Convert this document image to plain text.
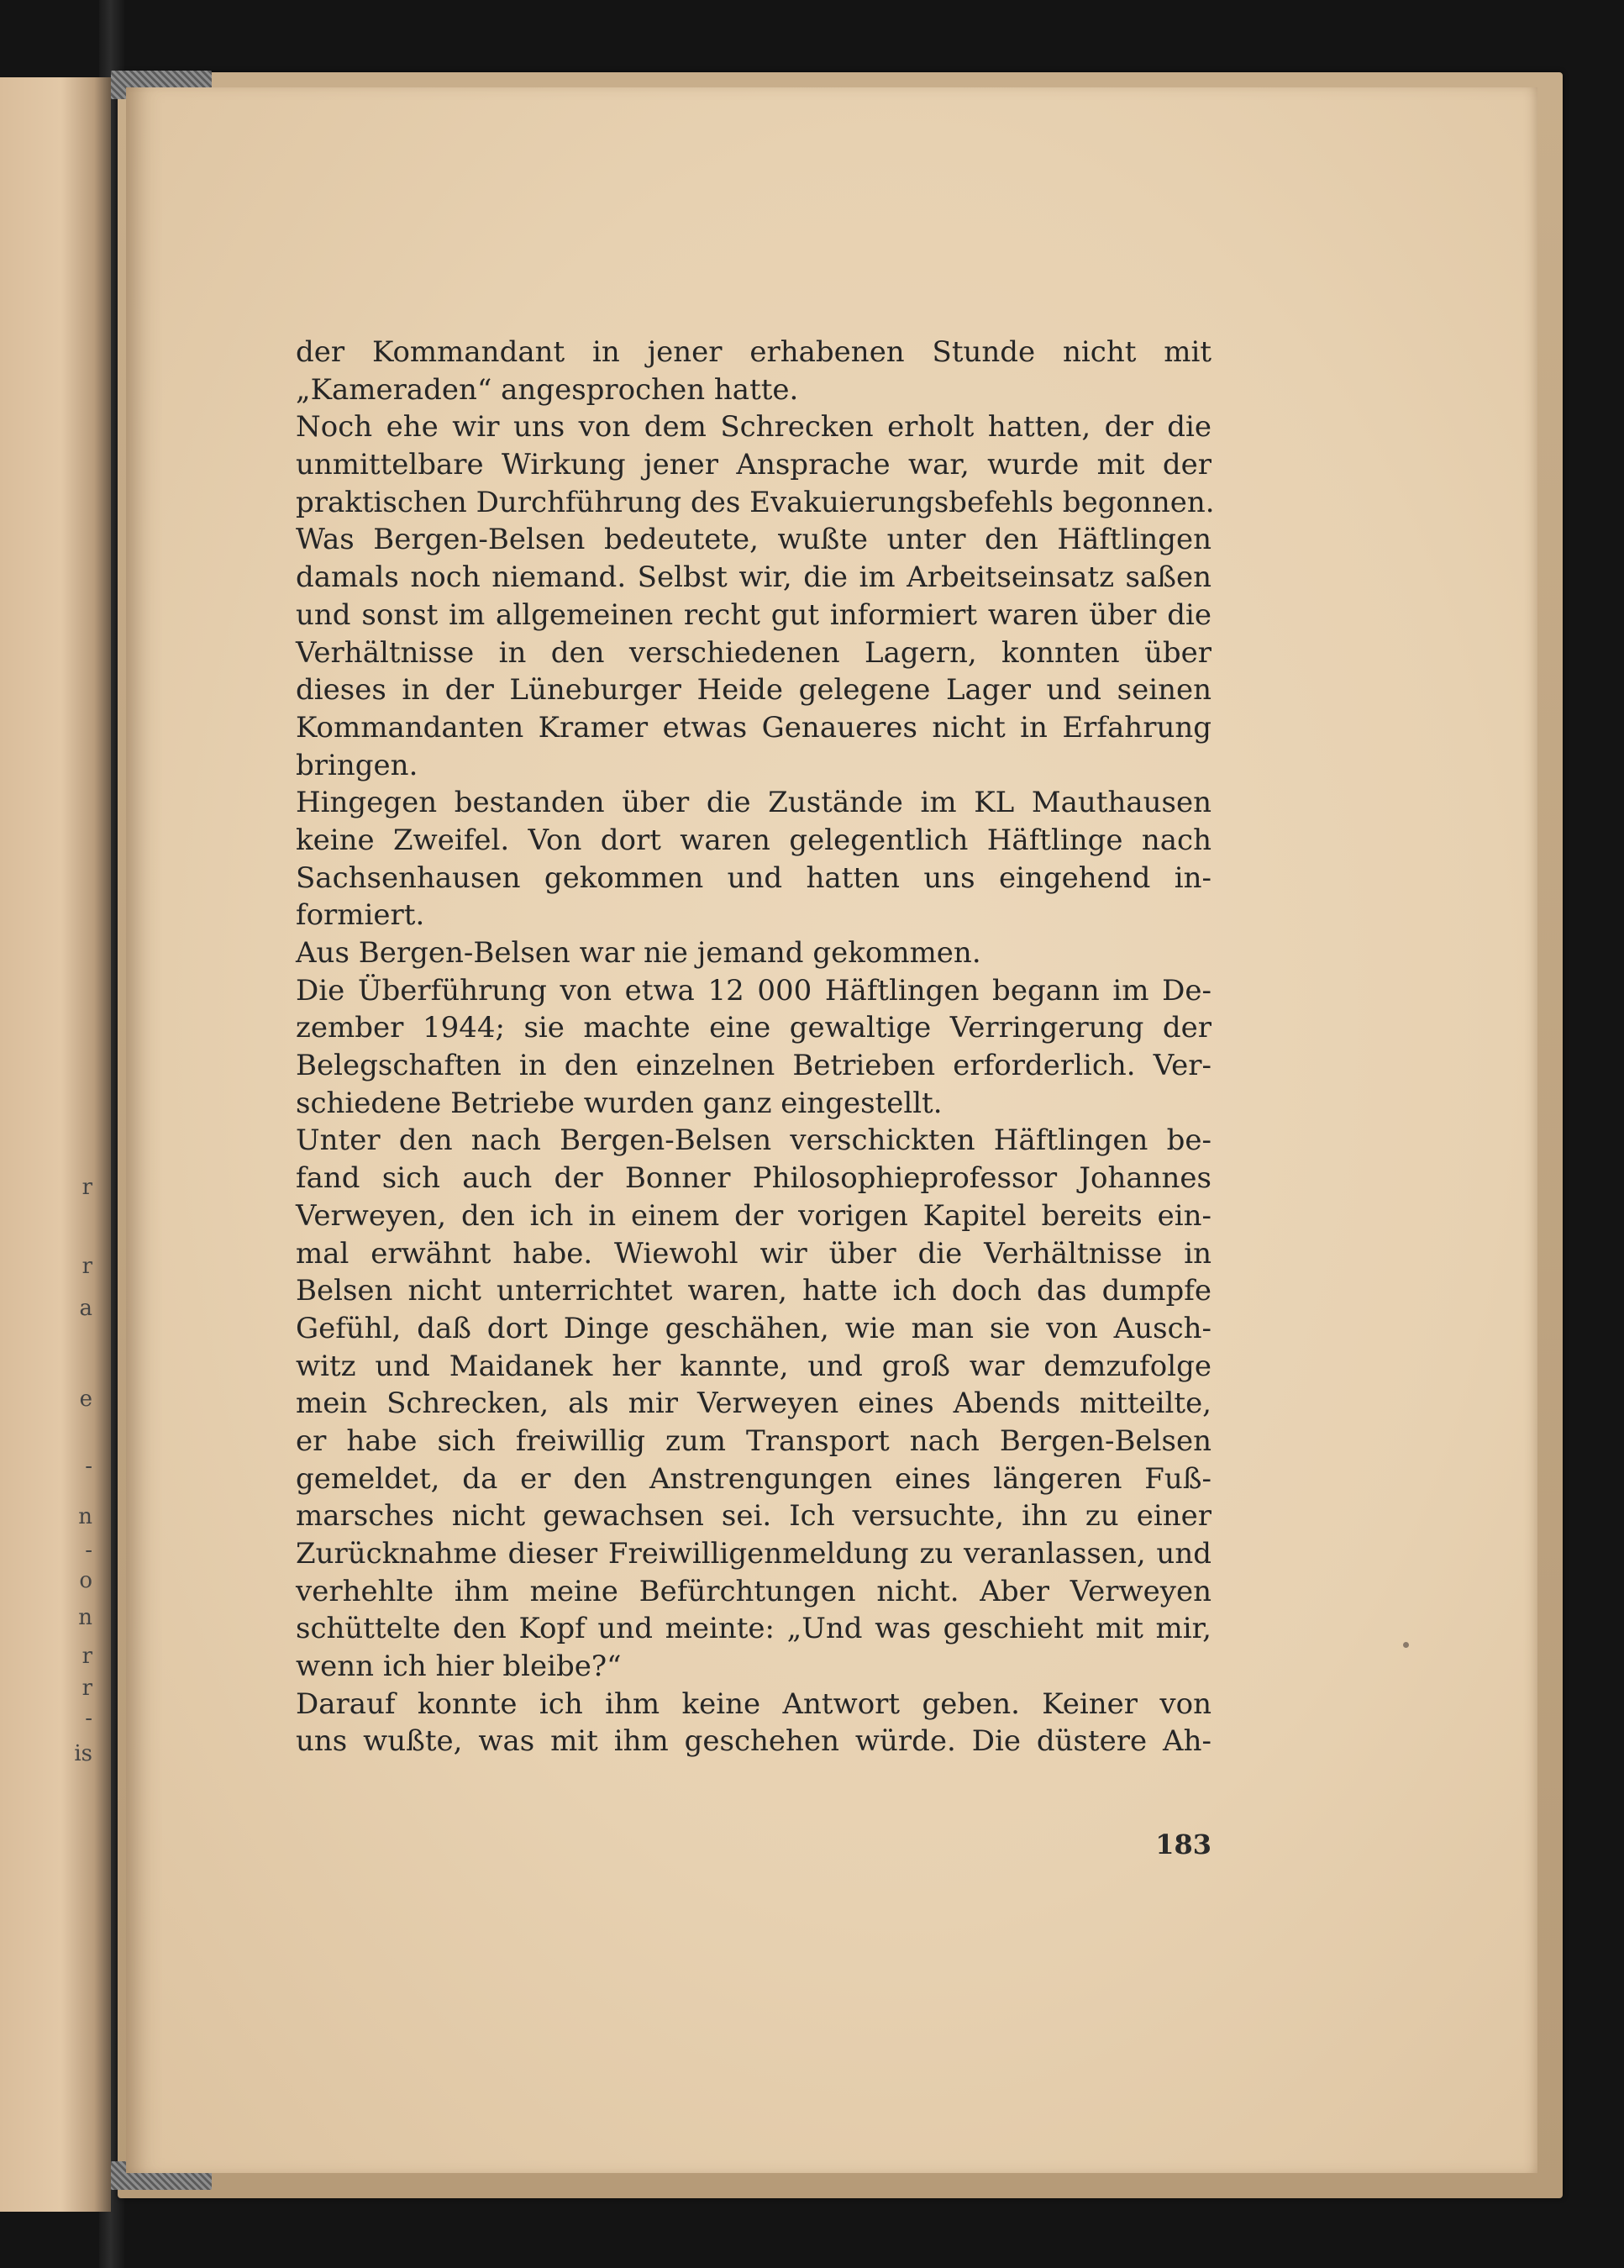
r
r
a
e
-
n
-
o
n
r
r
-
is
der Kommandant in jener erhabenen Stunde nicht mit
„Kameraden“ angesprochen hatte.
Noch ehe wir uns von dem Schrecken erholt hatten, der die
unmittelbare Wirkung jener Ansprache war, wurde mit der
praktischen Durchführung des Evakuierungsbefehls begonnen.
Was Bergen-Belsen bedeutete, wußte unter den Häftlingen
damals noch niemand. Selbst wir, die im Arbeitseinsatz saßen
und sonst im allgemeinen recht gut informiert waren über die
Verhältnisse in den verschiedenen Lagern, konnten über
dieses in der Lüneburger Heide gelegene Lager und seinen
Kommandanten Kramer etwas Genaueres nicht in Erfahrung
bringen.
Hingegen bestanden über die Zustände im KL Mauthausen
keine Zweifel. Von dort waren gelegentlich Häftlinge nach
Sachsenhausen gekommen und hatten uns eingehend in-
formiert.
Aus Bergen-Belsen war nie jemand gekommen.
Die Überführung von etwa 12 000 Häftlingen begann im De-
zember 1944; sie machte eine gewaltige Verringerung der
Belegschaften in den einzelnen Betrieben erforderlich. Ver-
schiedene Betriebe wurden ganz eingestellt.
Unter den nach Bergen-Belsen verschickten Häftlingen be-
fand sich auch der Bonner Philosophieprofessor Johannes
Verweyen, den ich in einem der vorigen Kapitel bereits ein-
mal erwähnt habe. Wiewohl wir über die Verhältnisse in
Belsen nicht unterrichtet waren, hatte ich doch das dumpfe
Gefühl, daß dort Dinge geschähen, wie man sie von Ausch-
witz und Maidanek her kannte, und groß war demzufolge
mein Schrecken, als mir Verweyen eines Abends mitteilte,
er habe sich freiwillig zum Transport nach Bergen-Belsen
gemeldet, da er den Anstrengungen eines längeren Fuß-
marsches nicht gewachsen sei. Ich versuchte, ihn zu einer
Zurücknahme dieser Freiwilligenmeldung zu veranlassen, und
verhehlte ihm meine Befürchtungen nicht. Aber Verweyen
schüttelte den Kopf und meinte: „Und was geschieht mit mir,
wenn ich hier bleibe?“
Darauf konnte ich ihm keine Antwort geben. Keiner von
uns wußte, was mit ihm geschehen würde. Die düstere Ah-
183
